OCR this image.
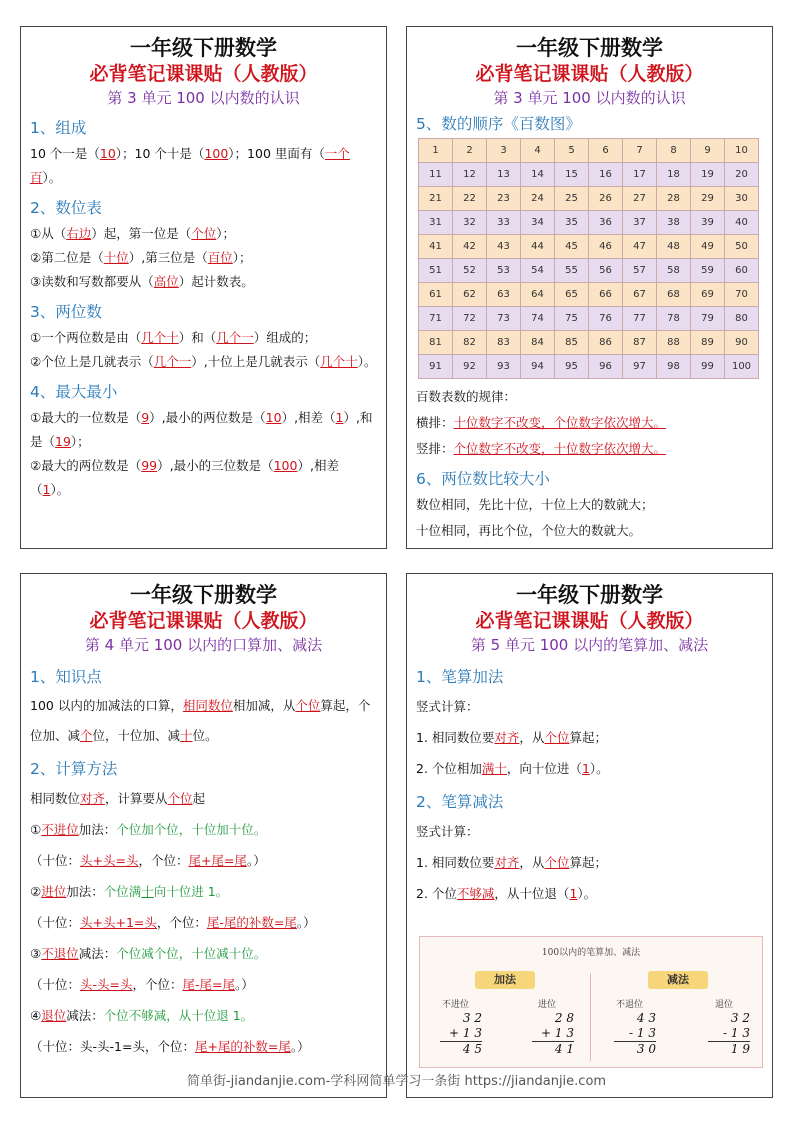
一年级下册数学
必背笔记课课贴（人教版）
第 3 单元 100 以内数的认识
1、组成
10 个一是（10）；10 个十是（100）；100 里面有（一个百）。
2、数位表
①从（右边）起，第一位是（个位）；
②第二位是（十位）,第三位是（百位）；
③读数和写数都要从（高位）起计数表。
3、两位数
①一个两位数是由（几个十）和（几个一）组成的；
②个位上是几就表示（几个一）,十位上是几就表示（几个十）。
4、最大最小
①最大的一位数是（9）,最小的两位数是（10）,相差（1）,和是（19）；
②最大的两位数是（99）,最小的三位数是（100）,相差（1）。
一年级下册数学
必背笔记课课贴（人教版）
第 3 单元 100 以内数的认识
5、数的顺序《百数图》
1	2	3	4	5	6	7	8	9	10
11	12	13	14	15	16	17	18	19	20
21	22	23	24	25	26	27	28	29	30
31	32	33	34	35	36	37	38	39	40
41	42	43	44	45	46	47	48	49	50
51	52	53	54	55	56	57	58	59	60
61	62	63	64	65	66	67	68	69	70
71	72	73	74	75	76	77	78	79	80
81	82	83	84	85	86	87	88	89	90
91	92	93	94	95	96	97	98	99	100
百数表数的规律：
横排：十位数字不改变，个位数字依次增大。
竖排：个位数字不改变，十位数字依次增大。
6、两位数比较大小
数位相同，先比十位，十位上大的数就大；
十位相同，再比个位，个位大的数就大。
一年级下册数学
必背笔记课课贴（人教版）
第 4 单元 100 以内的口算加、减法
1、知识点
100 以内的加减法的口算，相同数位相加减，从个位算起，个位加、减个位，十位加、减十位。
2、计算方法
相同数位对齐，计算要从个位起
①不进位加法：个位加个位，十位加十位。
（十位：头+头=头，个位：尾+尾=尾。）
②进位加法：个位满十向十位进 1。
（十位：头+头+1=头，个位：尾-尾的补数=尾。）
③不退位减法：个位减个位，十位减十位。
（十位：头-头=头，个位：尾-尾=尾。）
④退位减法：个位不够减，从十位退 1。
（十位：头-头-1=头，个位：尾+尾的补数=尾。）
一年级下册数学
必背笔记课课贴（人教版）
第 5 单元 100 以内的笔算加、减法
1、笔算加法
竖式计算：
1. 相同数位要对齐，从个位算起；
2. 个位相加满十，向十位进（1）。
2、笔算减法
竖式计算：
1. 相同数位要对齐，从个位算起；
2. 个位不够减，从十位退（1）。
100以内的笔算加、减法
加法	减法
不进位	进位	不退位	退位
3 2
+ 1 3
4 5
2 8
+ 1 3
4 1
4 3
- 1 3
3 0
3 2
- 1 3
1 9
简单街-jiandanjie.com-学科网简单学习一条街 https://jiandanjie.com
